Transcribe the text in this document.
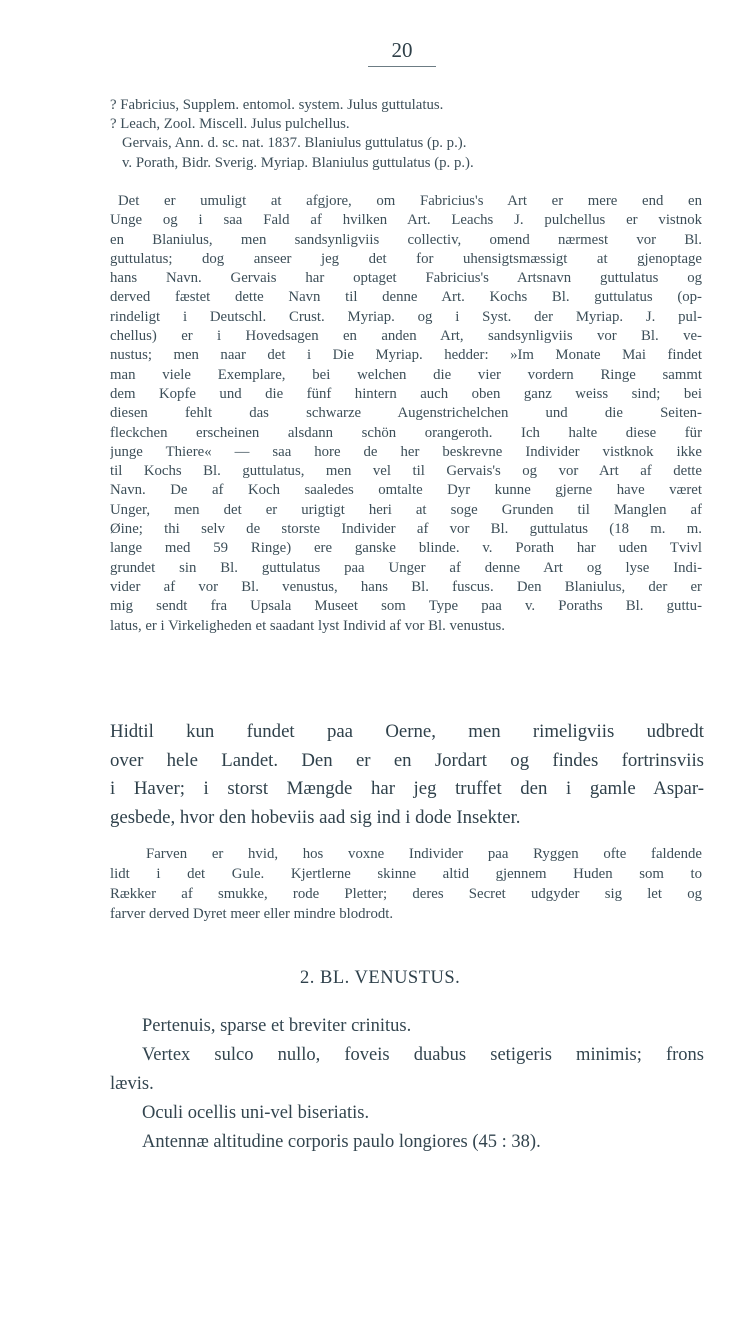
20
? Fabricius, Supplem. entomol. system. Julus guttulatus.
? Leach, Zool. Miscell. Julus pulchellus.
Gervais, Ann. d. sc. nat. 1837. Blaniulus guttulatus (p. p.).
v. Porath, Bidr. Sverig. Myriap. Blaniulus guttulatus (p. p.).
Det er umuligt at afgjore, om Fabricius's Art er mere end en
Unge og i saa Fald af hvilken Art. Leachs J. pulchellus er vistnok
en Blaniulus, men sandsynligviis collectiv, omend nærmest vor Bl.
guttulatus; dog anseer jeg det for uhensigtsmæssigt at gjenoptage
hans Navn. Gervais har optaget Fabricius's Artsnavn guttulatus og
derved fæstet dette Navn til denne Art. Kochs Bl. guttulatus (op-
rindeligt i Deutschl. Crust. Myriap. og i Syst. der Myriap. J. pul-
chellus) er i Hovedsagen en anden Art, sandsynligviis vor Bl. ve-
nustus; men naar det i Die Myriap. hedder: »Im Monate Mai findet
man viele Exemplare, bei welchen die vier vordern Ringe sammt
dem Kopfe und die fünf hintern auch oben ganz weiss sind; bei
diesen fehlt das schwarze Augenstrichelchen und die Seiten-
fleckchen erscheinen alsdann schön orangeroth. Ich halte diese für
junge Thiere« — saa hore de her beskrevne Individer vistknok ikke
til Kochs Bl. guttulatus, men vel til Gervais's og vor Art af dette
Navn. De af Koch saaledes omtalte Dyr kunne gjerne have været
Unger, men det er urigtigt heri at soge Grunden til Manglen af
Øine; thi selv de storste Individer af vor Bl. guttulatus (18 m. m.
lange med 59 Ringe) ere ganske blinde. v. Porath har uden Tvivl
grundet sin Bl. guttulatus paa Unger af denne Art og lyse Indi-
vider af vor Bl. venustus, hans Bl. fuscus. Den Blaniulus, der er
mig sendt fra Upsala Museet som Type paa v. Poraths Bl. guttu-
latus, er i Virkeligheden et saadant lyst Individ af vor Bl. venustus.
Hidtil kun fundet paa Oerne, men rimeligviis udbredt
over hele Landet. Den er en Jordart og findes fortrinsviis
i Haver; i storst Mængde har jeg truffet den i gamle Aspar-
gesbede, hvor den hobeviis aad sig ind i dode Insekter.
Farven er hvid, hos voxne Individer paa Ryggen ofte faldende
lidt i det Gule. Kjertlerne skinne altid gjennem Huden som to
Rækker af smukke, rode Pletter; deres Secret udgyder sig let og
farver derved Dyret meer eller mindre blodrodt.
2. BL. VENUSTUS.
Pertenuis, sparse et breviter crinitus.
Vertex sulco nullo, foveis duabus setigeris minimis; frons
lævis.
Oculi ocellis uni-vel biseriatis.
Antennæ altitudine corporis paulo longiores (45 : 38).
